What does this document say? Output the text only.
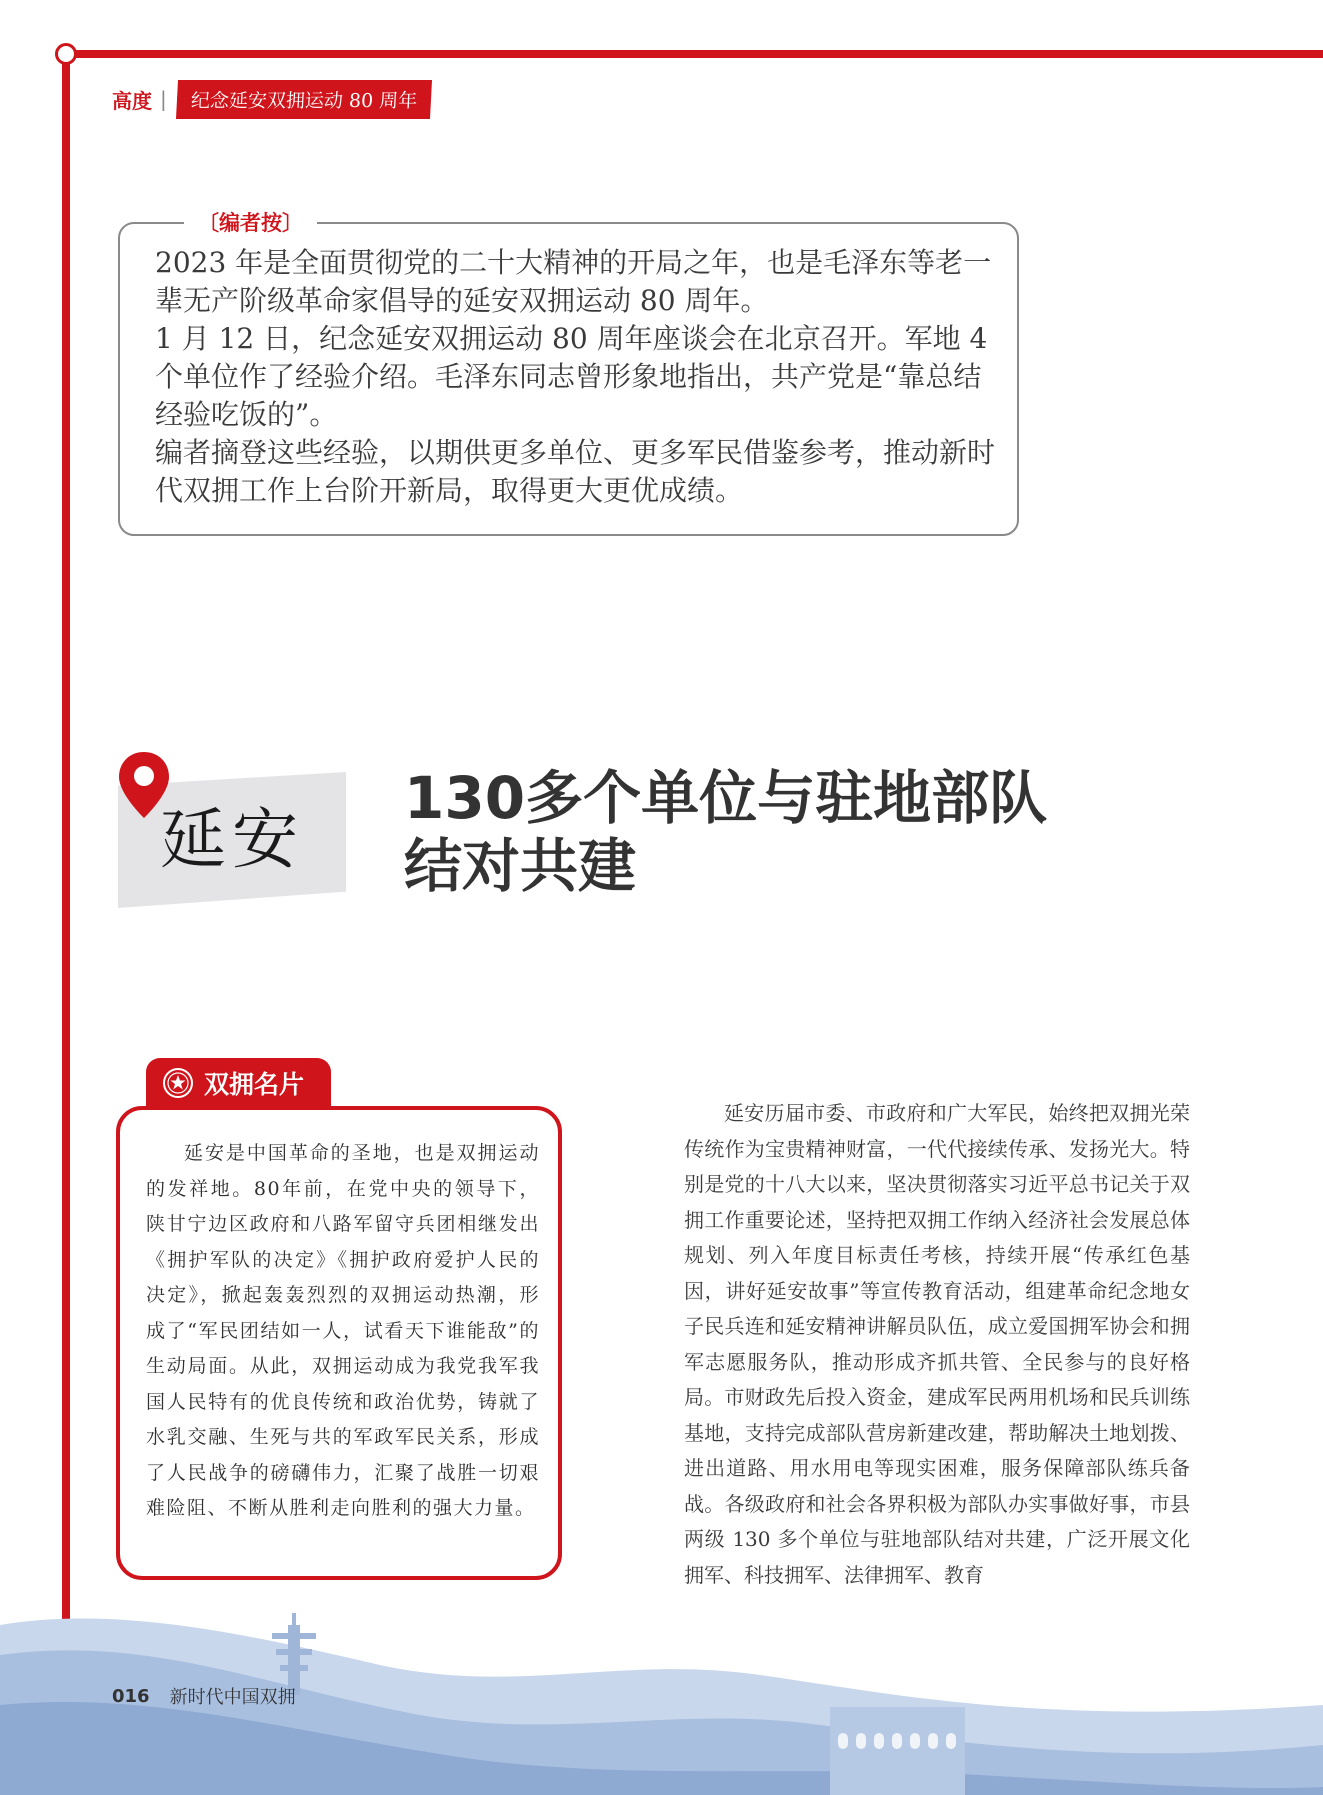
高度 |	纪念延安双拥运动 80 周年
〔编者按〕

2023 年是全面贯彻党的二十大精神的开局之年，也是毛泽东等老一辈无产阶级革命家倡导的延安双拥运动 80 周年。

1 月 12 日，纪念延安双拥运动 80 周年座谈会在北京召开。军地 4 个单位作了经验介绍。毛泽东同志曾形象地指出，共产党是“靠总结经验吃饭的”。

编者摘登这些经验，以期供更多单位、更多军民借鉴参考，推动新时代双拥工作上台阶开新局，取得更大更优成绩。

延安
130多个单位与驻地部队
结对共建
双拥名片
延安是中国革命的圣地，也是双拥运动的发祥地。80年前，在党中央的领导下，陕甘宁边区政府和八路军留守兵团相继发出《拥护军队的决定》《拥护政府爱护人民的决定》，掀起轰轰烈烈的双拥运动热潮，形成了“军民团结如一人，试看天下谁能敌”的生动局面。从此，双拥运动成为我党我军我国人民特有的优良传统和政治优势，铸就了水乳交融、生死与共的军政军民关系，形成了人民战争的磅礴伟力，汇聚了战胜一切艰难险阻、不断从胜利走向胜利的强大力量。
延安历届市委、市政府和广大军民，始终把双拥光荣传统作为宝贵精神财富，一代代接续传承、发扬光大。特别是党的十八大以来，坚决贯彻落实习近平总书记关于双拥工作重要论述，坚持把双拥工作纳入经济社会发展总体规划、列入年度目标责任考核，持续开展“传承红色基因，讲好延安故事”等宣传教育活动，组建革命纪念地女子民兵连和延安精神讲解员队伍，成立爱国拥军协会和拥军志愿服务队，推动形成齐抓共管、全民参与的良好格局。市财政先后投入资金，建成军民两用机场和民兵训练基地，支持完成部队营房新建改建，帮助解决土地划拨、进出道路、用水用电等现实困难，服务保障部队练兵备战。各级政府和社会各界积极为部队办实事做好事，市县两级 130 多个单位与驻地部队结对共建，广泛开展文化拥军、科技拥军、法律拥军、教育
016 新时代中国双拥
